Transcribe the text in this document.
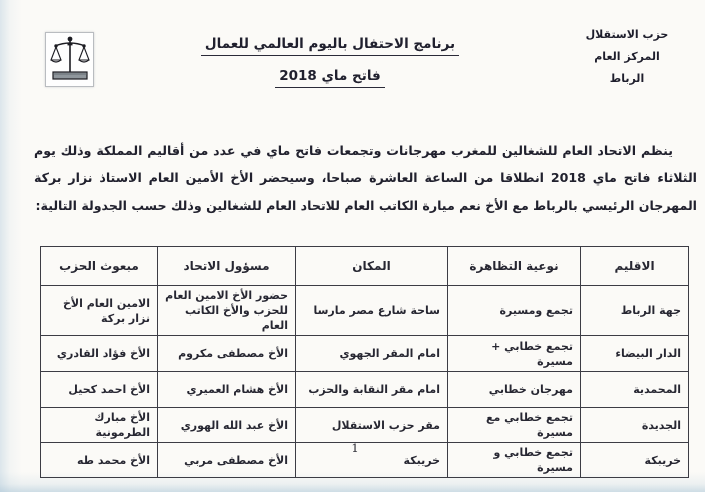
حزب الاستقلال
المركز العام
الرباط
برنامج الاحتفال باليوم العالمي للعمال
فاتح ماي 2018

ينظم الاتحاد العام للشغالين للمغرب مهرجانات وتجمعات فاتح ماي في عدد من أقاليم المملكة وذلك يوم الثلاثاء فاتح ماي 2018 انطلاقا من الساعة العاشرة صباحا، وسيحضر الأخ الأمين العام الاستاذ نزار بركة المهرجان الرئيسي بالرباط مع الأخ نعم ميارة الكاتب العام للاتحاد العام للشغالين وذلك حسب الجدولة التالية:

الاقليم	نوعية التظاهرة	المكان	مسؤول الاتحاد	مبعوث الحزب
جهة الرباط	تجمع ومسيرة	ساحة شارع مصر مارسا	حضور الأخ الامين العام للحزب والأخ الكاتب العام	الامين العام الأخ نزار بركة
الدار البيضاء	تجمع خطابي + مسيرة	امام المقر الجهوي	الأخ مصطفى مكروم	الأخ فؤاد القادري
المحمدية	مهرجان خطابي	امام مقر النقابة والحزب	الأخ هشام العميري	الأخ احمد كحيل
الجديدة	تجمع خطابي مع مسيرة	مقر حزب الاستقلال	الأخ عبد الله الهوري	الأخ مبارك الطرمونية
خريبكة	تجمع خطابي و مسيرة	خريبكة	الأخ مصطفى مربي	الأخ محمد طه
1
